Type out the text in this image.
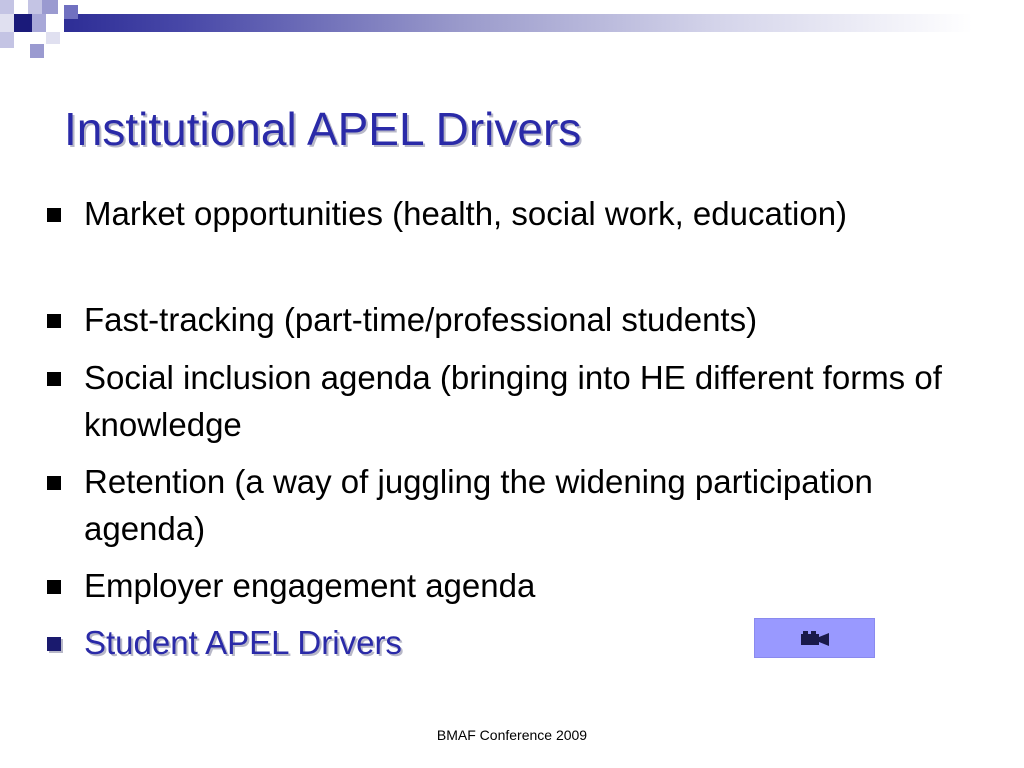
Institutional APEL Drivers
Market opportunities (health, social work, education)
Fast-tracking (part-time/professional students)
Social inclusion agenda (bringing into HE different forms of knowledge
Retention (a way of juggling the widening participation agenda)
Employer engagement agenda
Student APEL Drivers
BMAF Conference 2009
